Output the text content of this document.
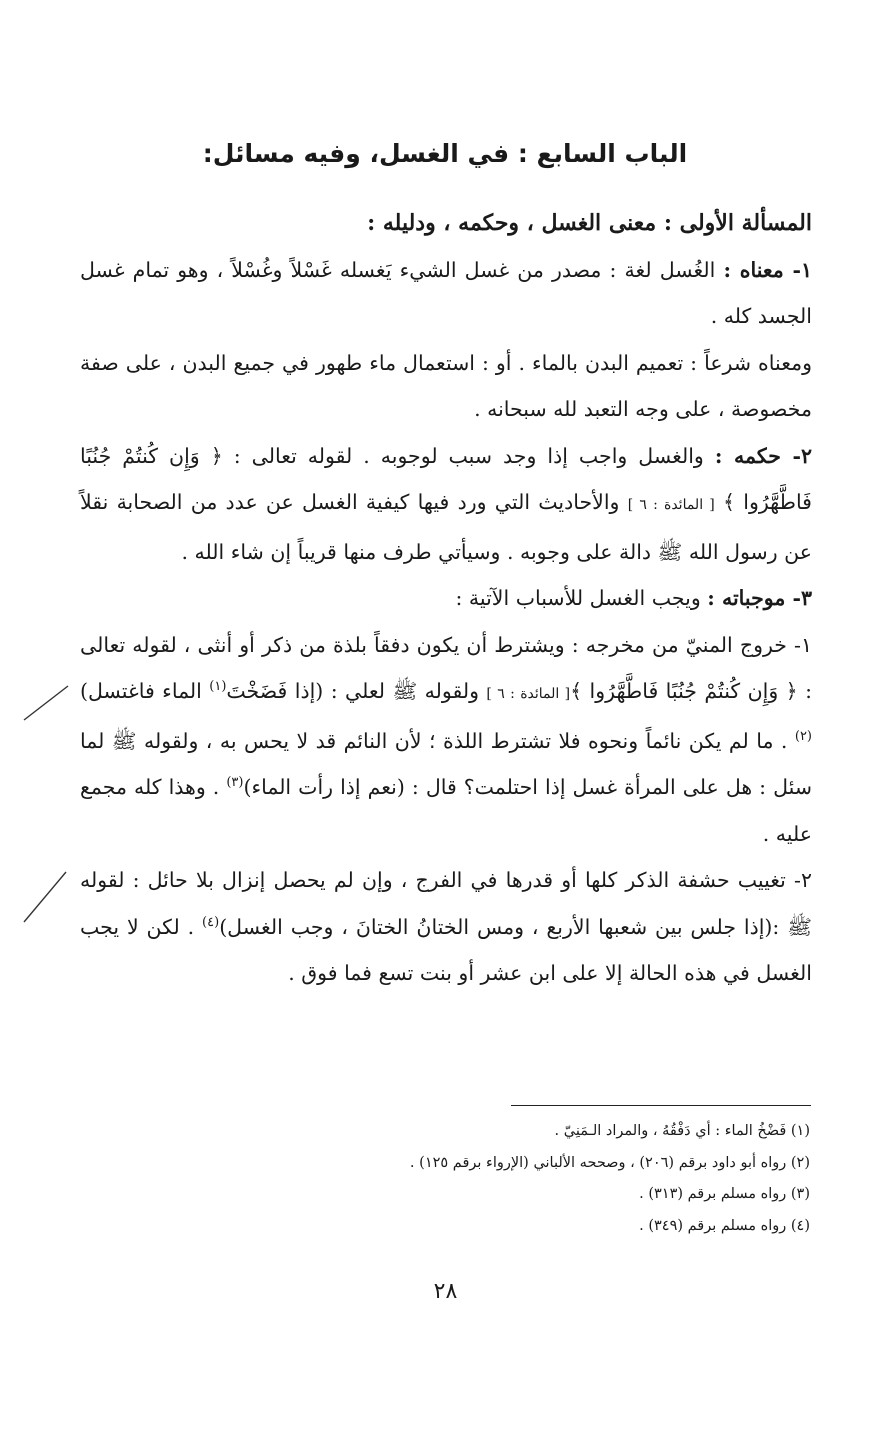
الباب السابع : في الغسل، وفيه مسائل:

المسألة الأولى : معنى الغسل ، وحكمه ، ودليله :

١- معناه : الغُسل لغة : مصدر من غسل الشيء يَغسله غَسْلاً وغُسْلاً ، وهو تمام غسل الجسد كله .

ومعناه شرعاً : تعميم البدن بالماء . أو : استعمال ماء طهور في جميع البدن ، على صفة مخصوصة ، على وجه التعبد لله سبحانه .

٢- حكمه : والغسل واجب إذا وجد سبب لوجوبه . لقوله تعالى : ﴿ وَإِن كُنتُمْ جُنُبًا فَاطَّهَّرُوا ﴾ [ المائدة : ٦ ] والأحاديث التي ورد فيها كيفية الغسل عن عدد من الصحابة نقلاً عن رسول الله ﷺ دالة على وجوبه . وسيأتي طرف منها قريباً إن شاء الله .

٣- موجباته : ويجب الغسل للأسباب الآتية :

١- خروج المنيّ من مخرجه : ويشترط أن يكون دفقاً بلذة من ذكر أو أنثى ، لقوله تعالى : ﴿ وَإِن كُنتُمْ جُنُبًا فَاطَّهَّرُوا ﴾[ المائدة : ٦ ] ولقوله ﷺ لعلي : (إذا فَضَخْتَ$^{(١)}$ الماء فاغتسل)$^{(٢)}$ . ما لم يكن نائماً ونحوه فلا تشترط اللذة ؛ لأن النائم قد لا يحس به ، ولقوله ﷺ لما سئل : هل على المرأة غسل إذا احتلمت؟ قال : (نعم إذا رأت الماء)$^{(٣)}$ . وهذا كله مجمع عليه .

٢- تغييب حشفة الذكر كلها أو قدرها في الفرج ، وإن لم يحصل إنزال بلا حائل : لقوله ﷺ :(إذا جلس بين شعبها الأربع ، ومس الختانُ الختانَ ، وجب الغسل)$^{(٤)}$ . لكن لا يجب الغسل في هذه الحالة إلا على ابن عشر أو بنت تسع فما فوق .

(١) فَضْخُ الماء : أي دَفْقُهُ ، والمراد الـمَنِيّ .

(٢) رواه أبو داود برقم (٢٠٦) ، وصححه الألباني (الإرواء برقم ١٢٥) .

(٣) رواه مسلم برقم (٣١٣) .

(٤) رواه مسلم برقم (٣٤٩) .

٢٨
